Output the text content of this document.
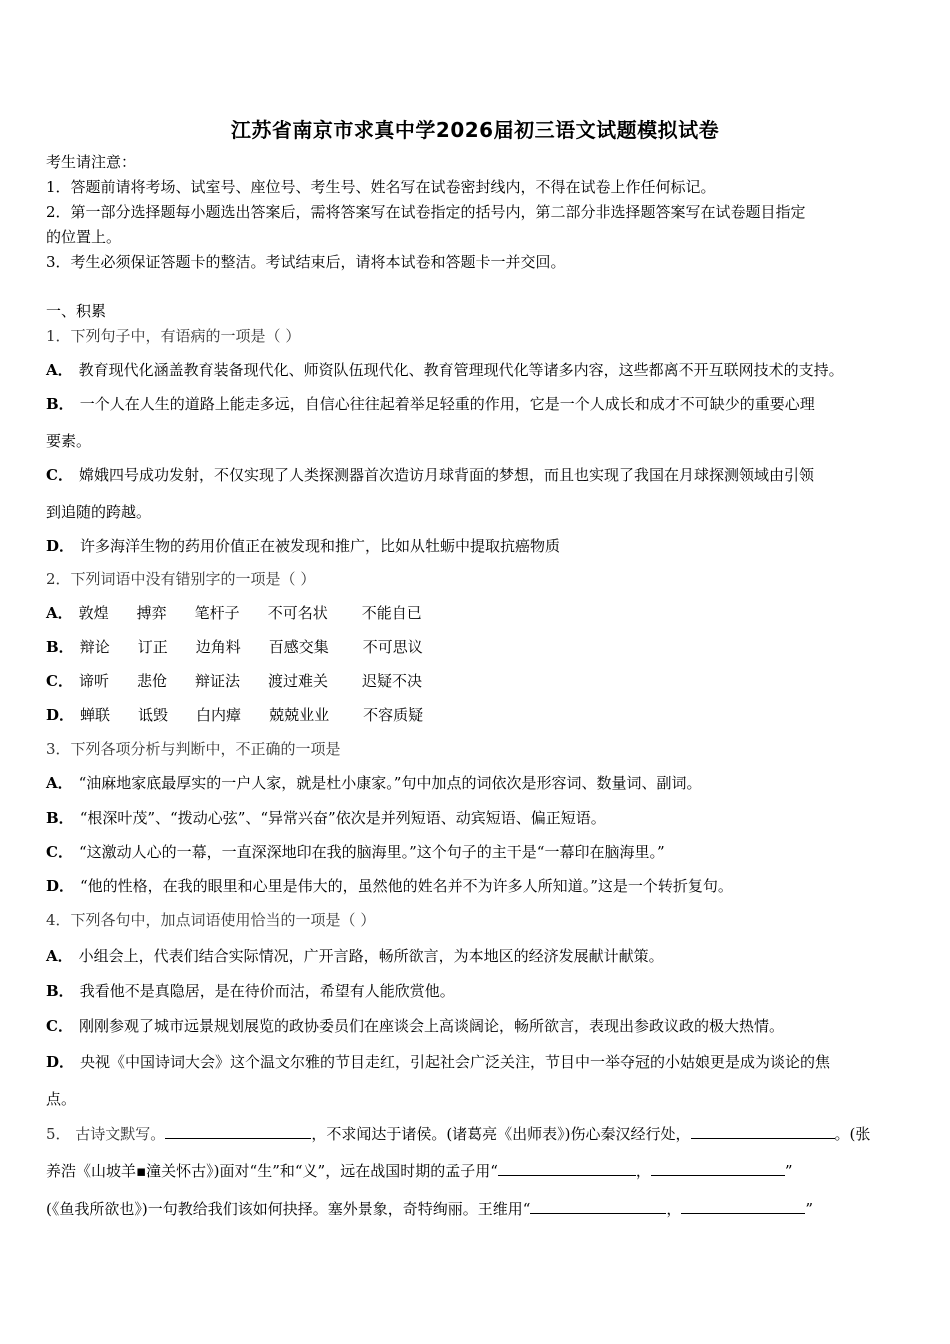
江苏省南京市求真中学2026届初三语文试题模拟试卷
考生请注意：
1．答题前请将考场、试室号、座位号、考生号、姓名写在试卷密封线内，不得在试卷上作任何标记。
2．第一部分选择题每小题选出答案后，需将答案写在试卷指定的括号内，第二部分非选择题答案写在试卷题目指定
的位置上。
3．考生必须保证答题卡的整洁。考试结束后，请将本试卷和答题卡一并交回。
一、积累
1．下列句子中，有语病的一项是（ ）
A． 教育现代化涵盖教育装备现代化、师资队伍现代化、教育管理现代化等诸多内容，这些都离不开互联网技术的支持。
B． 一个人在人生的道路上能走多远，自信心往往起着举足轻重的作用，它是一个人成长和成才不可缺少的重要心理
要素。
C． 嫦娥四号成功发射，不仅实现了人类探测器首次造访月球背面的梦想，而且也实现了我国在月球探测领域由引领
到追随的跨越。
D． 许多海洋生物的药用价值正在被发现和推广，比如从牡蛎中提取抗癌物质
2．下列词语中没有错别字的一项是（ ）
A． 敦煌 搏弈 笔杆子 不可名状 不能自已
B． 辩论 订正 边角料 百感交集 不可思议
C． 谛听 悲伧 辩证法 渡过难关 迟疑不决
D． 蝉联 诋毁 白内瘴 兢兢业业 不容质疑
3．下列各项分析与判断中，不正确的一项是
A． “油麻地家底最厚实的一户人家，就是杜小康家。”句中加点的词依次是形容词、数量词、副词。
B． “根深叶茂”、“拨动心弦”、“异常兴奋”依次是并列短语、动宾短语、偏正短语。
C． “这激动人心的一幕，一直深深地印在我的脑海里。”这个句子的主干是“一幕印在脑海里。”
D． “他的性格，在我的眼里和心里是伟大的，虽然他的姓名并不为许多人所知道。”这是一个转折复句。
4．下列各句中，加点词语使用恰当的一项是（ ）
A． 小组会上，代表们结合实际情况，广开言路，畅所欲言，为本地区的经济发展献计献策。
B． 我看他不是真隐居，是在待价而沽，希望有人能欣赏他。
C． 刚刚参观了城市远景规划展览的政协委员们在座谈会上高谈阔论，畅所欲言，表现出参政议政的极大热情。
D． 央视《中国诗词大会》这个温文尔雅的节目走红，引起社会广泛关注，节目中一举夺冠的小姑娘更是成为谈论的焦
点。
5． 古诗文默写。	，不求闻达于诸侯。(诸葛亮《出师表》)伤心秦汉经行处，	。(张
养浩《山坡羊▪潼关怀古》)面对“生”和“义”，远在战国时期的孟子用“	，	”
(《鱼我所欲也》)一句教给我们该如何抉择。塞外景象，奇特绚丽。王维用“	，	”
